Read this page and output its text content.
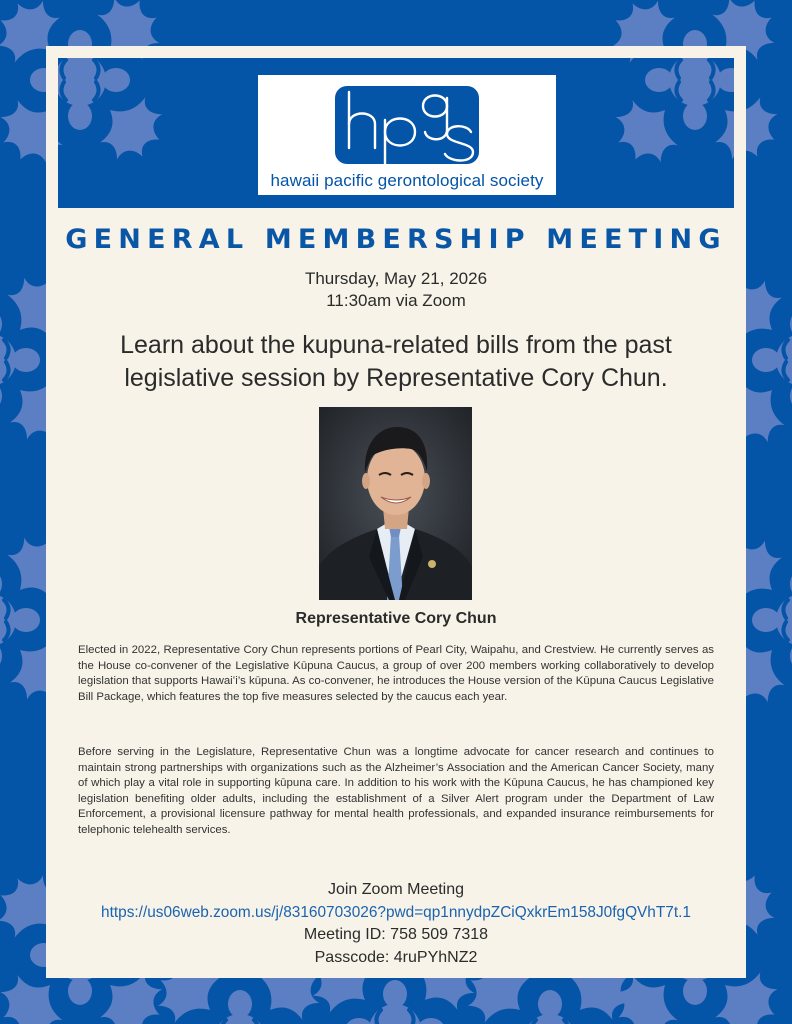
hawaii pacific gerontological society
GENERAL MEMBERSHIP MEETING
Thursday, May 21, 2026
11:30am via Zoom
Learn about the kupuna-related bills from the past
legislative session by Representative Cory Chun.
Representative Cory Chun

Elected in 2022, Representative Cory Chun represents portions of Pearl City, Waipahu, and Crestview. He currently serves as the House co-convener of the Legislative Kūpuna Caucus, a group of over 200 members working collaboratively to develop legislation that supports Hawaiʻi’s kūpuna. As co-convener, he introduces the House version of the Kūpuna Caucus Legislative Bill Package, which features the top five measures selected by the caucus each year.

Before serving in the Legislature, Representative Chun was a longtime advocate for cancer research and continues to maintain strong partnerships with organizations such as the Alzheimer’s Association and the American Cancer Society, many of which play a vital role in supporting kūpuna care. In addition to his work with the Kūpuna Caucus, he has championed key legislation benefiting older adults, including the establishment of a Silver Alert program under the Department of Law Enforcement, a provisional licensure pathway for mental health professionals, and expanded insurance reimbursements for telephonic telehealth services.

Join Zoom Meeting
https://us06web.zoom.us/j/83160703026?pwd=qp1nnydpZCiQxkrEm158J0fgQVhT7t.1
Meeting ID: 758 509 7318
Passcode: 4ruPYhNZ2
